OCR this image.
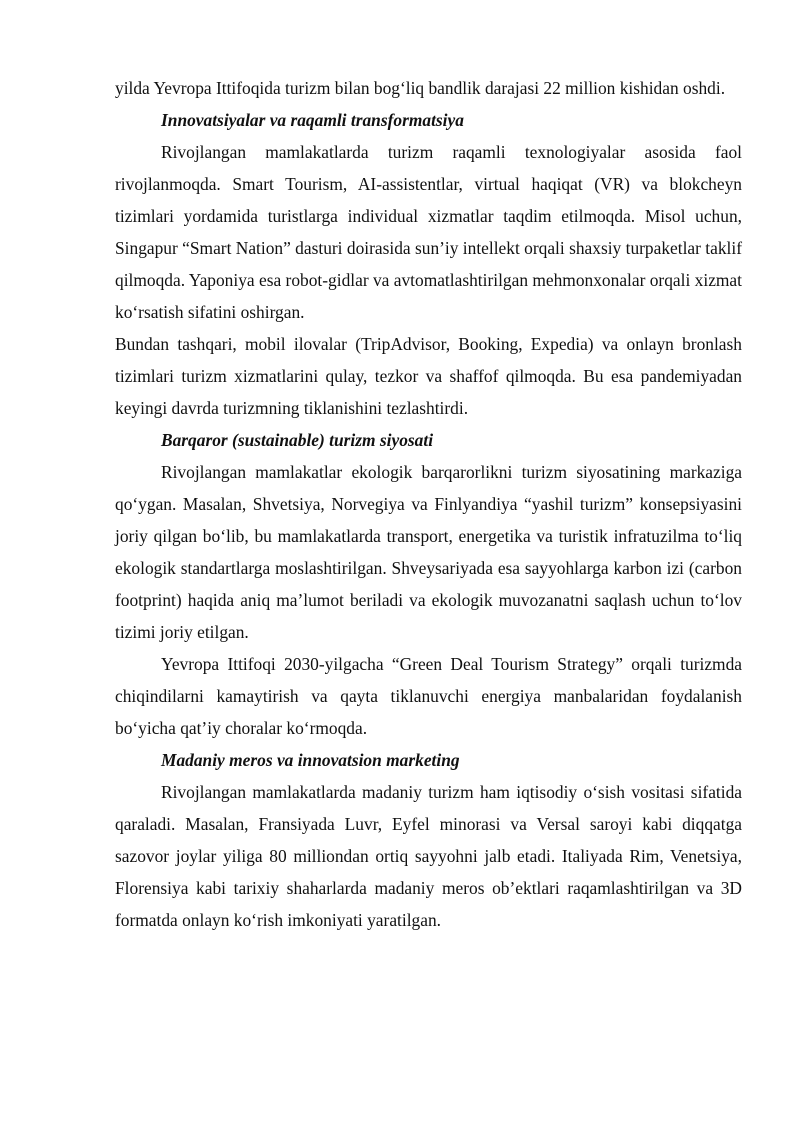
yilda Yevropa Ittifoqida turizm bilan bog‘liq bandlik darajasi 22 million kishidan oshdi.

Innovatsiyalar va raqamli transformatsiya

Rivojlangan mamlakatlarda turizm raqamli texnologiyalar asosida faol rivojlanmoqda. Smart Tourism, AI-assistentlar, virtual haqiqat (VR) va blokcheyn tizimlari yordamida turistlarga individual xizmatlar taqdim etilmoqda. Misol uchun, Singapur “Smart Nation” dasturi doirasida sun’iy intellekt orqali shaxsiy turpaketlar taklif qilmoqda. Yaponiya esa robot-gidlar va avtomatlashtirilgan mehmonxonalar orqali xizmat ko‘rsatish sifatini oshirgan.

Bundan tashqari, mobil ilovalar (TripAdvisor, Booking, Expedia) va onlayn bronlash tizimlari turizm xizmatlarini qulay, tezkor va shaffof qilmoqda. Bu esa pandemiyadan keyingi davrda turizmning tiklanishini tezlashtirdi.

Barqaror (sustainable) turizm siyosati

Rivojlangan mamlakatlar ekologik barqarorlikni turizm siyosatining markaziga qo‘ygan. Masalan, Shvetsiya, Norvegiya va Finlyandiya “yashil turizm” konsepsiyasini joriy qilgan bo‘lib, bu mamlakatlarda transport, energetika va turistik infratuzilma to‘liq ekologik standartlarga moslashtirilgan. Shveysariyada esa sayyohlarga karbon izi (carbon footprint) haqida aniq ma’lumot beriladi va ekologik muvozanatni saqlash uchun to‘lov tizimi joriy etilgan.

Yevropa Ittifoqi 2030-yilgacha “Green Deal Tourism Strategy” orqali turizmda chiqindilarni kamaytirish va qayta tiklanuvchi energiya manbalaridan foydalanish bo‘yicha qat’iy choralar ko‘rmoqda.

Madaniy meros va innovatsion marketing

Rivojlangan mamlakatlarda madaniy turizm ham iqtisodiy o‘sish vositasi sifatida qaraladi. Masalan, Fransiyada Luvr, Eyfel minorasi va Versal saroyi kabi diqqatga sazovor joylar yiliga 80 milliondan ortiq sayyohni jalb etadi. Italiyada Rim, Venetsiya, Florensiya kabi tarixiy shaharlarda madaniy meros ob’ektlari raqamlashtirilgan va 3D formatda onlayn ko‘rish imkoniyati yaratilgan.
